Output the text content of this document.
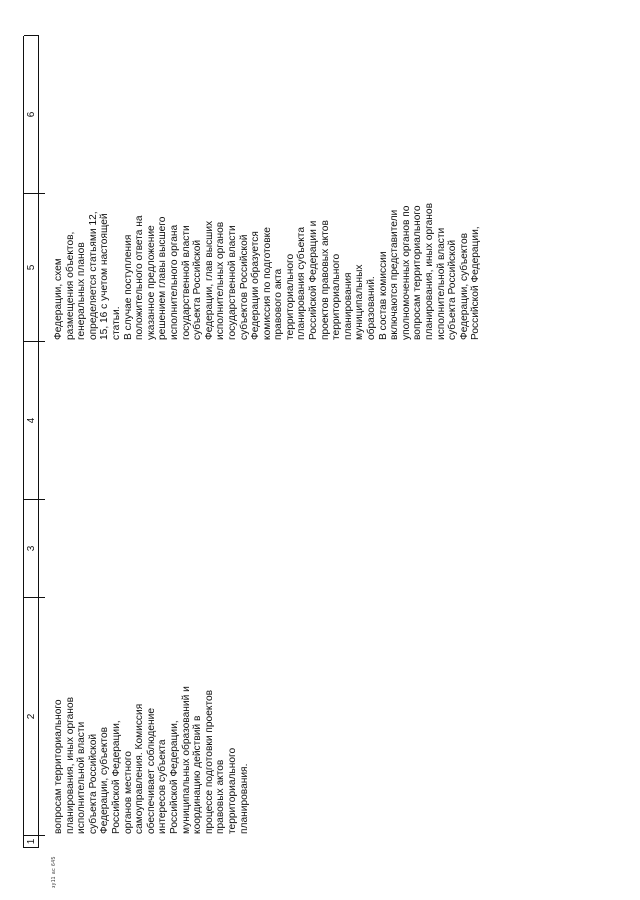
1
2
3
4
5
6
вопросам территориального
планирования, иных органов
исполнительной власти
субъекта Российской
Федерации, субъектов
Российской Федерации,
органов местного
самоуправления. Комиссия
обеспечивает соблюдение
интересов субъекта
Российской Федерации,
муниципальных образований и
координацию действий в
процессе подготовки проектов
правовых актов
территориального
планирования.
Федерации, схем
размещения объектов,
генеральных планов
определяется статьями 12,
15, 16 с учетом настоящей
статьи.
В случае поступления
положительного ответа на
указанное предложение
решением главы высшего
исполнительного органа
государственной власти
субъекта Российской
Федерации, глав высших
исполнительных органов
государственной власти
субъектов Российской
Федерации образуется
комиссия по подготовке
правового акта
территориального
планирования субъекта
Российской Федерации и
проектов правовых актов
территориального
планирования
муниципальных
образований.
В состав комиссии
включаются представители
уполномоченных органов по
вопросам территориального
планирования, иных органов
исполнительной власти
субъекта Российской
Федерации, субъектов
Российской Федерации,
зу11 ас 645
